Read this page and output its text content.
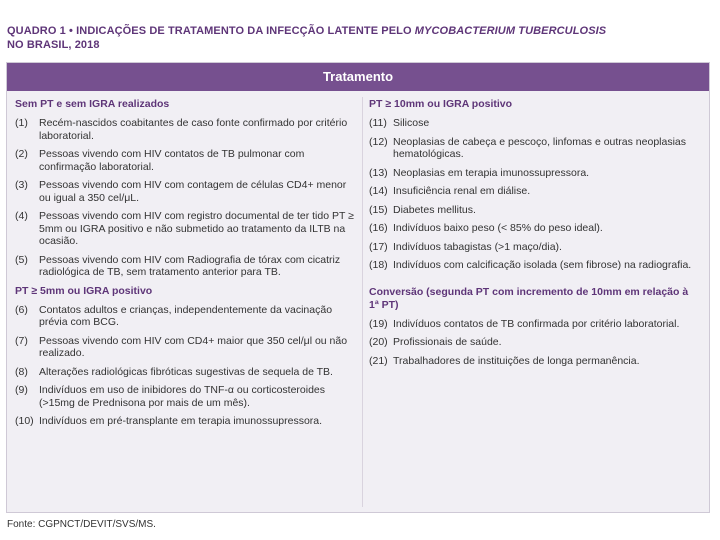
QUADRO 1 • INDICAÇÕES DE TRATAMENTO DA INFECÇÃO LATENTE PELO MYCOBACTERIUM TUBERCULOSIS
NO BRASIL, 2018
Tratamento
Sem PT e sem IGRA realizados
(1)	Recém-nascidos coabitantes de caso fonte confirmado por critério laboratorial.
(2)	Pessoas vivendo com HIV contatos de TB pulmonar com confirmação laboratorial.
(3)	Pessoas vivendo com HIV com contagem de células CD4+ menor ou igual a 350 cel/μL.
(4)	Pessoas vivendo com HIV com registro documental de ter tido PT ≥ 5mm ou IGRA positivo e não submetido ao tratamento da ILTB na ocasião.
(5)	Pessoas vivendo com HIV com Radiografia de tórax com cicatriz radiológica de TB, sem tratamento anterior para TB.
PT ≥ 5mm ou IGRA positivo
(6)	Contatos adultos e crianças, independentemente da vacinação prévia com BCG.
(7)	Pessoas vivendo com HIV com CD4+ maior que 350 cel/μl ou não realizado.
(8)	Alterações radiológicas fibróticas sugestivas de sequela de TB.
(9)	Indivíduos em uso de inibidores do TNF-α ou corticosteroides (>15mg de Prednisona por mais de um mês).
(10) Indivíduos em pré-transplante em terapia imunossupressora.
PT ≥ 10mm ou IGRA positivo
(11) Silicose
(12) Neoplasias de cabeça e pescoço, linfomas e outras neoplasias hematológicas.
(13) Neoplasias em terapia imunossupressora.
(14) Insuficiência renal em diálise.
(15) Diabetes mellitus.
(16) Indivíduos baixo peso (< 85% do peso ideal).
(17) Indivíduos tabagistas (>1 maço/dia).
(18) Indivíduos com calcificação isolada (sem fibrose) na radiografia.
Conversão (segunda PT com incremento de 10mm em relação à 1ª PT)
(19) Indivíduos contatos de TB confirmada por critério laboratorial.
(20) Profissionais de saúde.
(21) Trabalhadores de instituições de longa permanência.
Fonte: CGPNCT/DEVIT/SVS/MS.
